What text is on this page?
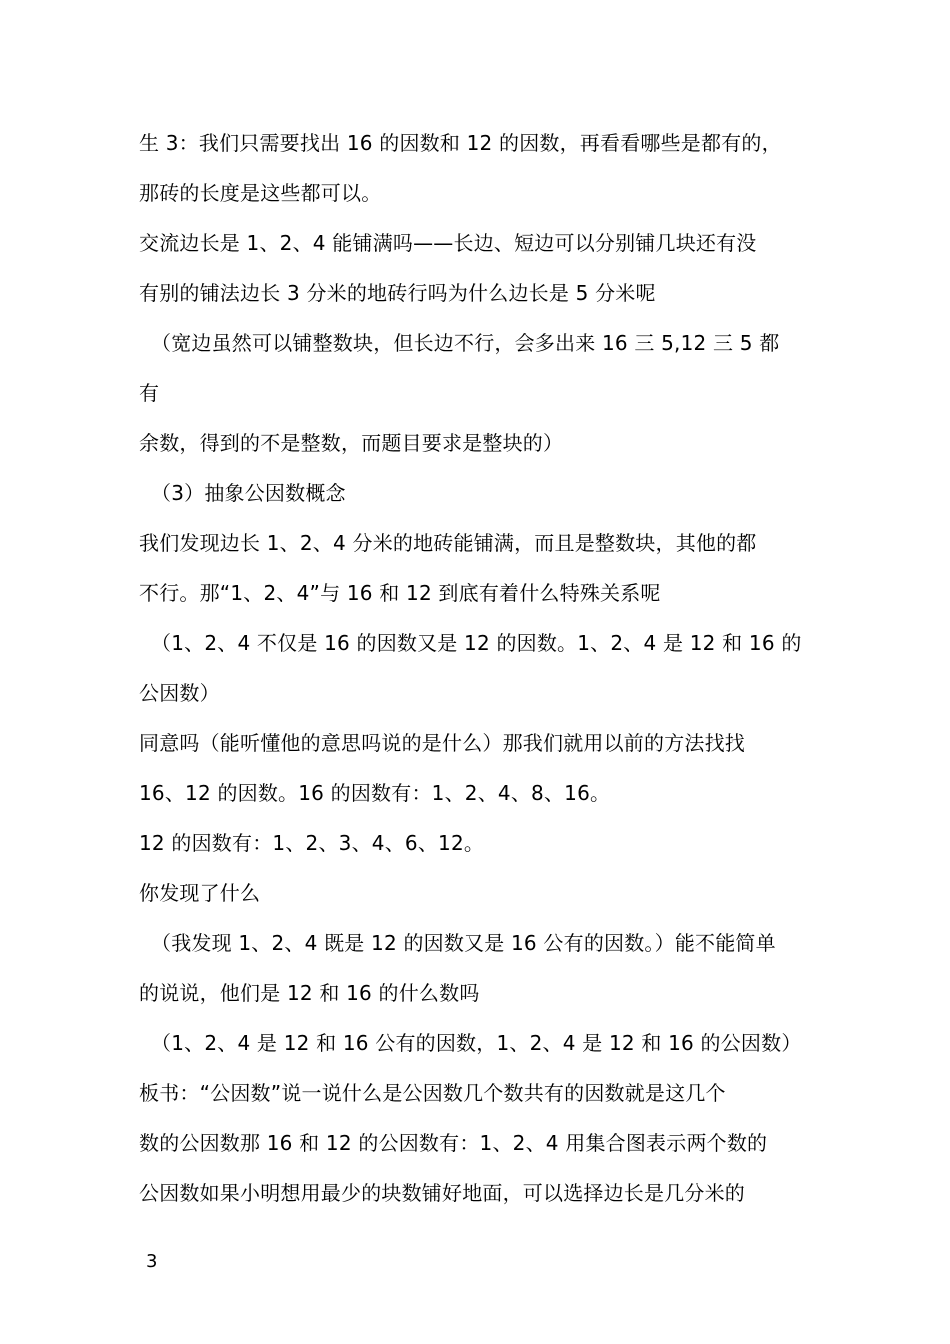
生 3：我们只需要找出 16 的因数和 12 的因数，再看看哪些是都有的，
那砖的长度是这些都可以。
交流边长是 1、2、4 能铺满吗——长边、短边可以分别铺几块还有没
有别的铺法边长 3 分米的地砖行吗为什么边长是 5 分米呢
（宽边虽然可以铺整数块，但长边不行，会多出来 16 三 5,12 三 5 都
有
余数，得到的不是整数，而题目要求是整块的）
（3）抽象公因数概念
我们发现边长 1、2、4 分米的地砖能铺满，而且是整数块，其他的都
不行。那“1、2、4”与 16 和 12 到底有着什么特殊关系呢
（1、2、4 不仅是 16 的因数又是 12 的因数。1、2、4 是 12 和 16 的
公因数）
同意吗（能听懂他的意思吗说的是什么）那我们就用以前的方法找找
16、12 的因数。16 的因数有：1、2、4、8、16。
12 的因数有：1、2、3、4、6、12。
你发现了什么
（我发现 1、2、4 既是 12 的因数又是 16 公有的因数。）能不能简单
的说说，他们是 12 和 16 的什么数吗
（1、2、4 是 12 和 16 公有的因数，1、2、4 是 12 和 16 的公因数）
板书：“公因数”说一说什么是公因数几个数共有的因数就是这几个
数的公因数那 16 和 12 的公因数有：1、2、4 用集合图表示两个数的
公因数如果小明想用最少的块数铺好地面，可以选择边长是几分米的
3
